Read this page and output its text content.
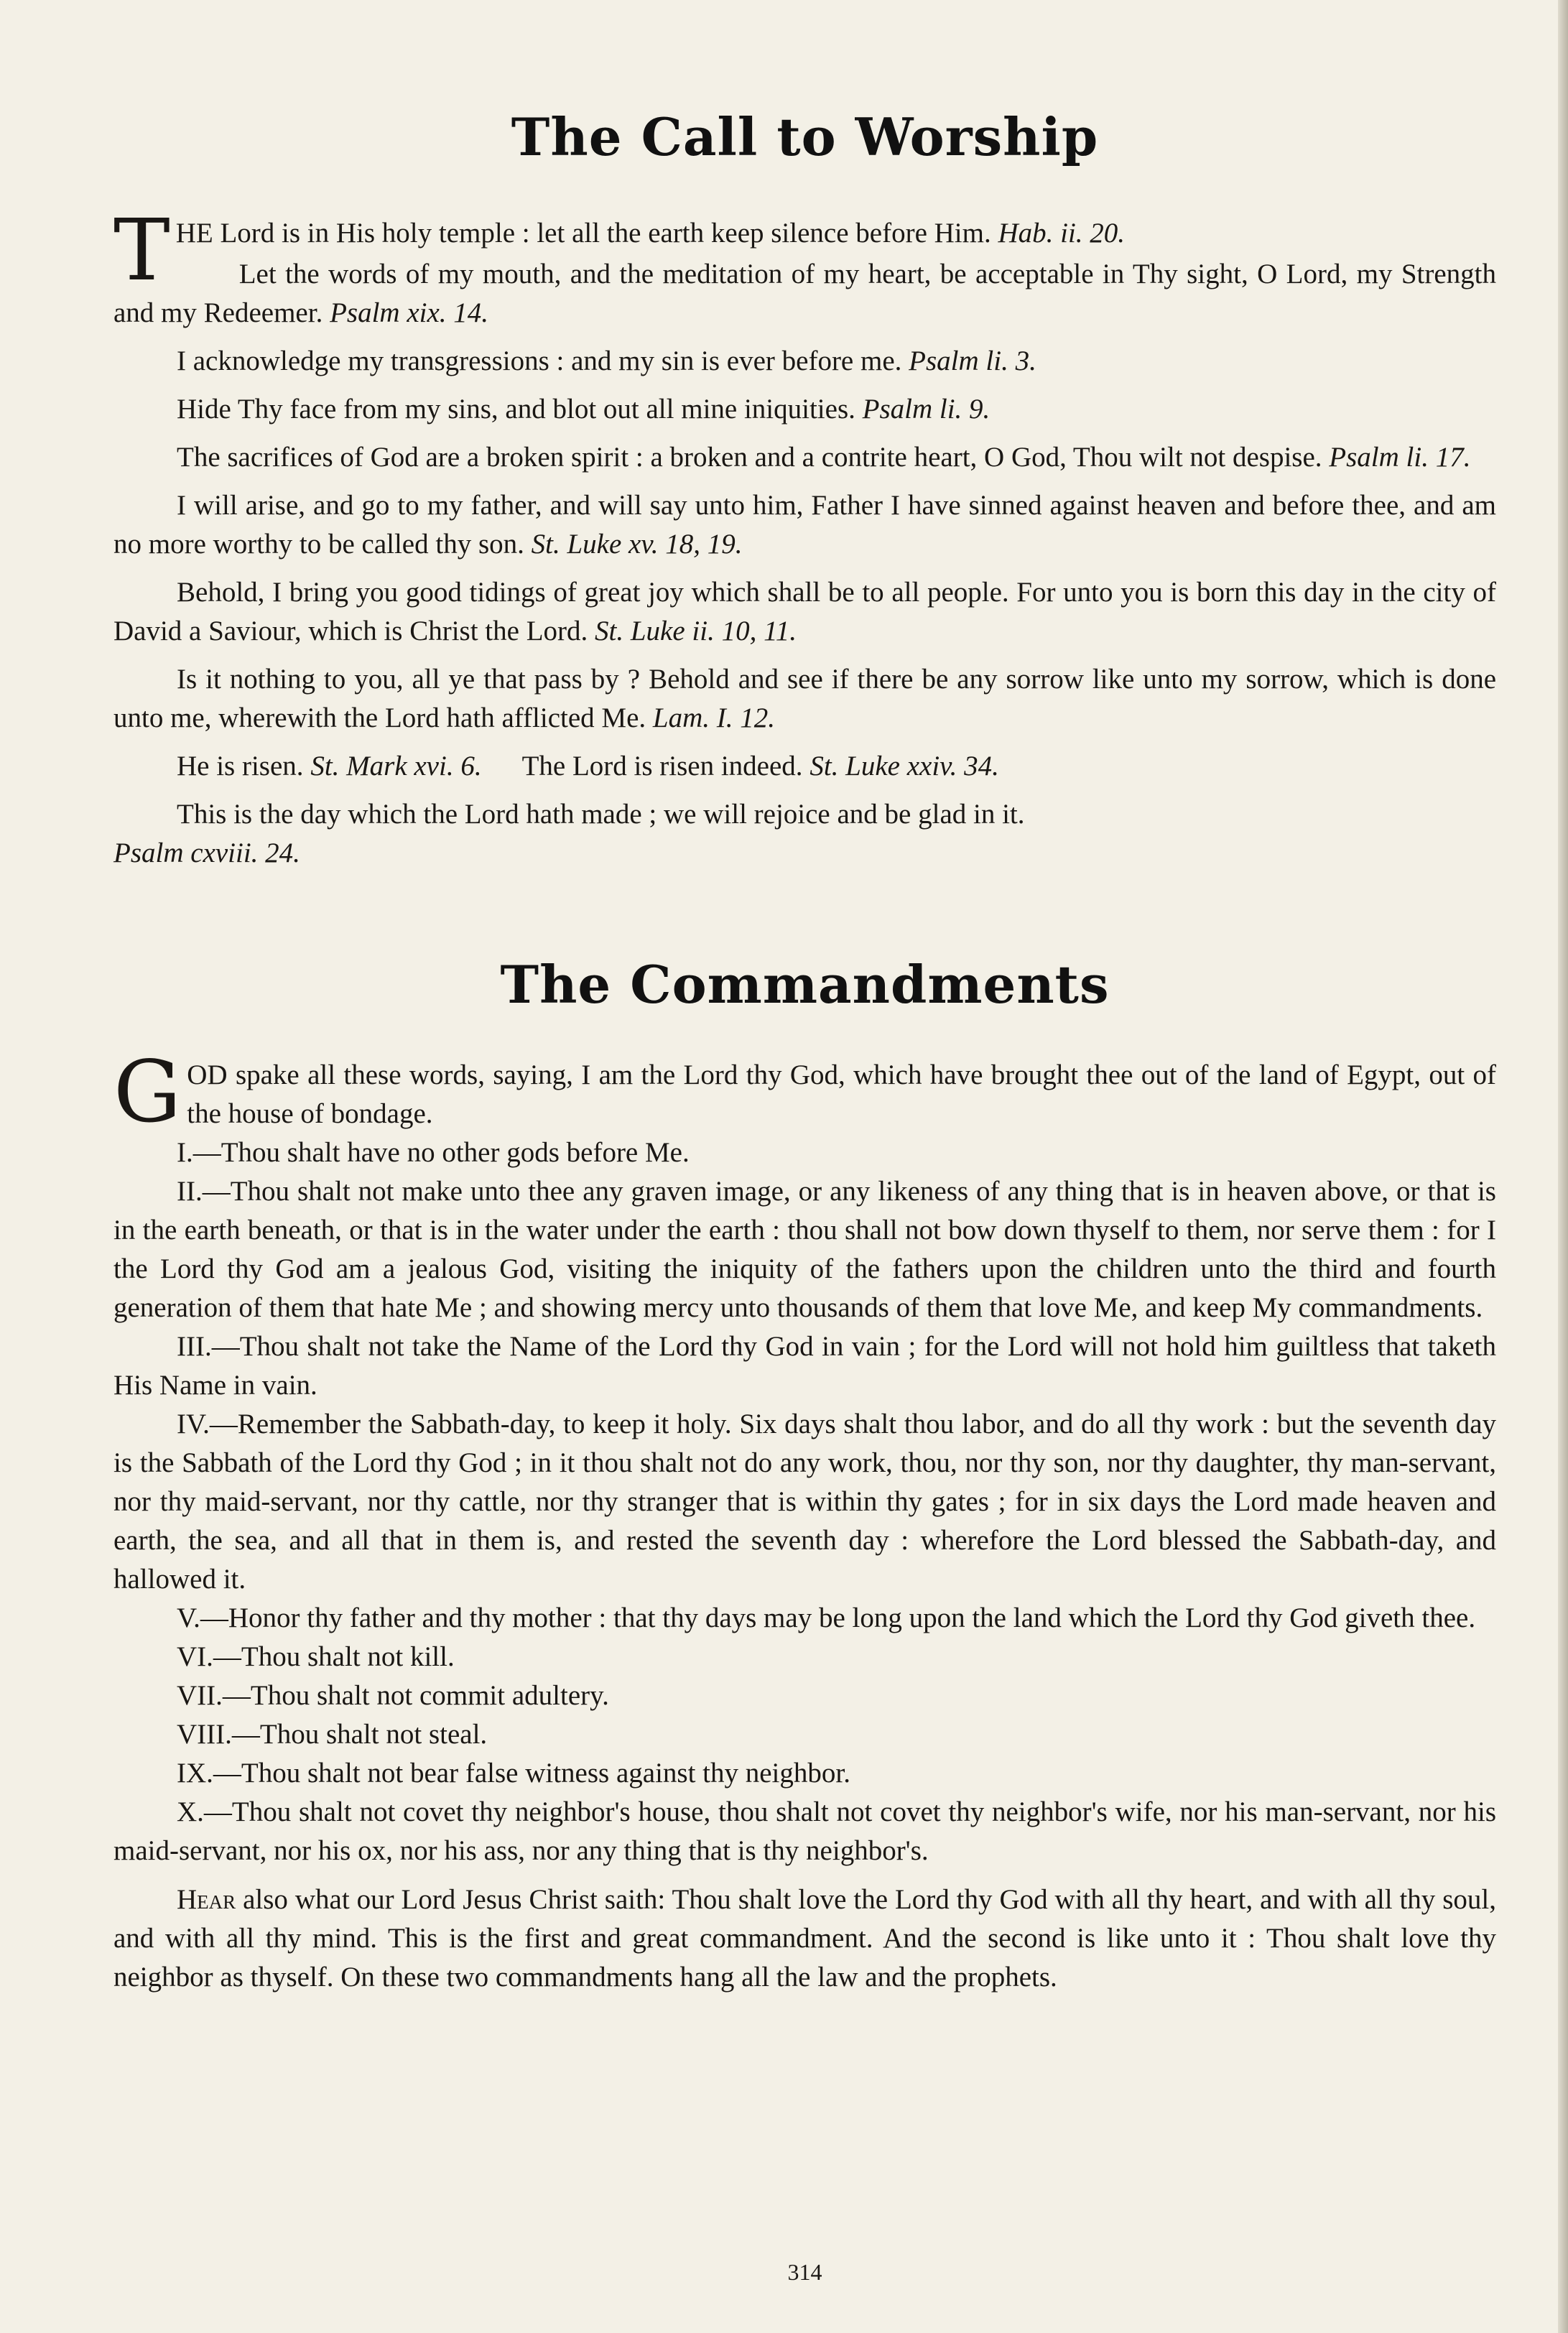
The Call to Worship

THE Lord is in His holy temple : let all the earth keep silence before Him. Hab. ii. 20.

Let the words of my mouth, and the meditation of my heart, be acceptable in Thy sight, O Lord, my Strength and my Redeemer. Psalm xix. 14.

I acknowledge my transgressions : and my sin is ever before me. Psalm li. 3.

Hide Thy face from my sins, and blot out all mine iniquities. Psalm li. 9.

The sacrifices of God are a broken spirit : a broken and a contrite heart, O God, Thou wilt not despise. Psalm li. 17.

I will arise, and go to my father, and will say unto him, Father I have sinned against heaven and before thee, and am no more worthy to be called thy son. St. Luke xv. 18, 19.

Behold, I bring you good tidings of great joy which shall be to all people. For unto you is born this day in the city of David a Saviour, which is Christ the Lord. St. Luke ii. 10, 11.

Is it nothing to you, all ye that pass by ? Behold and see if there be any sorrow like unto my sorrow, which is done unto me, wherewith the Lord hath afflicted Me. Lam. I. 12.

He is risen. St. Mark xvi. 6. The Lord is risen indeed. St. Luke xxiv. 34.

This is the day which the Lord hath made ; we will rejoice and be glad in it.
Psalm cxviii. 24.

The Commandments

GOD spake all these words, saying, I am the Lord thy God, which have brought thee out of the land of Egypt, out of the house of bondage.

I.—Thou shalt have no other gods before Me.

II.—Thou shalt not make unto thee any graven image, or any likeness of any thing that is in heaven above, or that is in the earth beneath, or that is in the water under the earth : thou shall not bow down thyself to them, nor serve them : for I the Lord thy God am a jealous God, visiting the iniquity of the fathers upon the children unto the third and fourth generation of them that hate Me ; and showing mercy unto thousands of them that love Me, and keep My commandments.

III.—Thou shalt not take the Name of the Lord thy God in vain ; for the Lord will not hold him guiltless that taketh His Name in vain.

IV.—Remember the Sabbath-day, to keep it holy. Six days shalt thou labor, and do all thy work : but the seventh day is the Sabbath of the Lord thy God ; in it thou shalt not do any work, thou, nor thy son, nor thy daughter, thy man-servant, nor thy maid-servant, nor thy cattle, nor thy stranger that is within thy gates ; for in six days the Lord made heaven and earth, the sea, and all that in them is, and rested the seventh day : wherefore the Lord blessed the Sabbath-day, and hallowed it.

V.—Honor thy father and thy mother : that thy days may be long upon the land which the Lord thy God giveth thee.

VI.—Thou shalt not kill.

VII.—Thou shalt not commit adultery.

VIII.—Thou shalt not steal.

IX.—Thou shalt not bear false witness against thy neighbor.

X.—Thou shalt not covet thy neighbor's house, thou shalt not covet thy neighbor's wife, nor his man-servant, nor his maid-servant, nor his ox, nor his ass, nor any thing that is thy neighbor's.

Hear also what our Lord Jesus Christ saith: Thou shalt love the Lord thy God with all thy heart, and with all thy soul, and with all thy mind. This is the first and great commandment. And the second is like unto it : Thou shalt love thy neighbor as thyself. On these two commandments hang all the law and the prophets.

314
